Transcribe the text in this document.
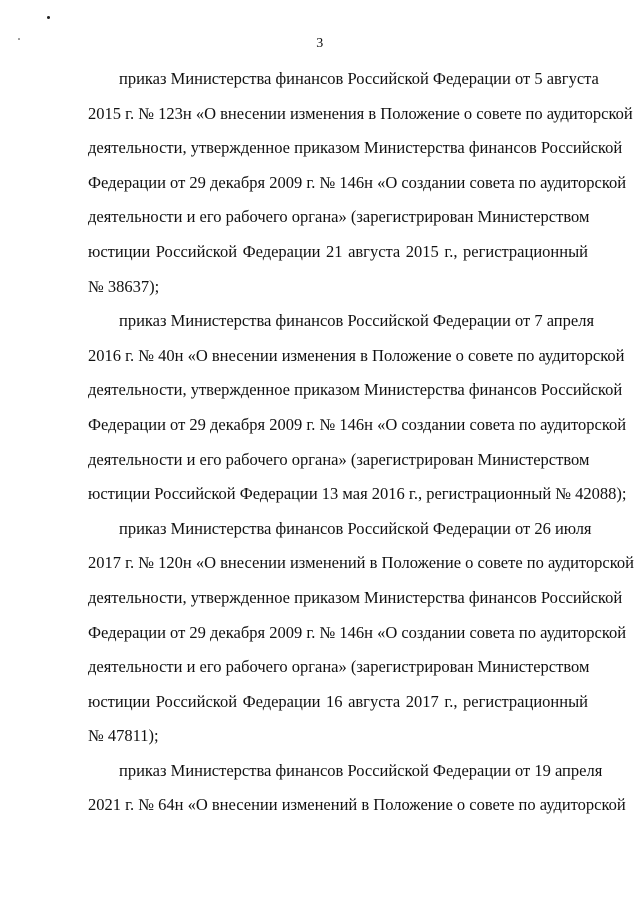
3
приказ Министерства финансов Российской Федерации от 5 августа
2015 г. № 123н «О внесении изменения в Положение о совете по аудиторской
деятельности, утвержденное приказом Министерства финансов Российской
Федерации от 29 декабря 2009 г. № 146н «О создании совета по аудиторской
деятельности и его рабочего органа» (зарегистрирован Министерством
юстиции Российской Федерации 21 августа 2015 г., регистрационный
№ 38637);
приказ Министерства финансов Российской Федерации от 7 апреля
2016 г. № 40н «О внесении изменения в Положение о совете по аудиторской
деятельности, утвержденное приказом Министерства финансов Российской
Федерации от 29 декабря 2009 г. № 146н «О создании совета по аудиторской
деятельности и его рабочего органа» (зарегистрирован Министерством
юстиции Российской Федерации 13 мая 2016 г., регистрационный № 42088);
приказ Министерства финансов Российской Федерации от 26 июля
2017 г. № 120н «О внесении изменений в Положение о совете по аудиторской
деятельности, утвержденное приказом Министерства финансов Российской
Федерации от 29 декабря 2009 г. № 146н «О создании совета по аудиторской
деятельности и его рабочего органа» (зарегистрирован Министерством
юстиции Российской Федерации 16 августа 2017 г., регистрационный
№ 47811);
приказ Министерства финансов Российской Федерации от 19 апреля
2021 г. № 64н «О внесении изменений в Положение о совете по аудиторской
